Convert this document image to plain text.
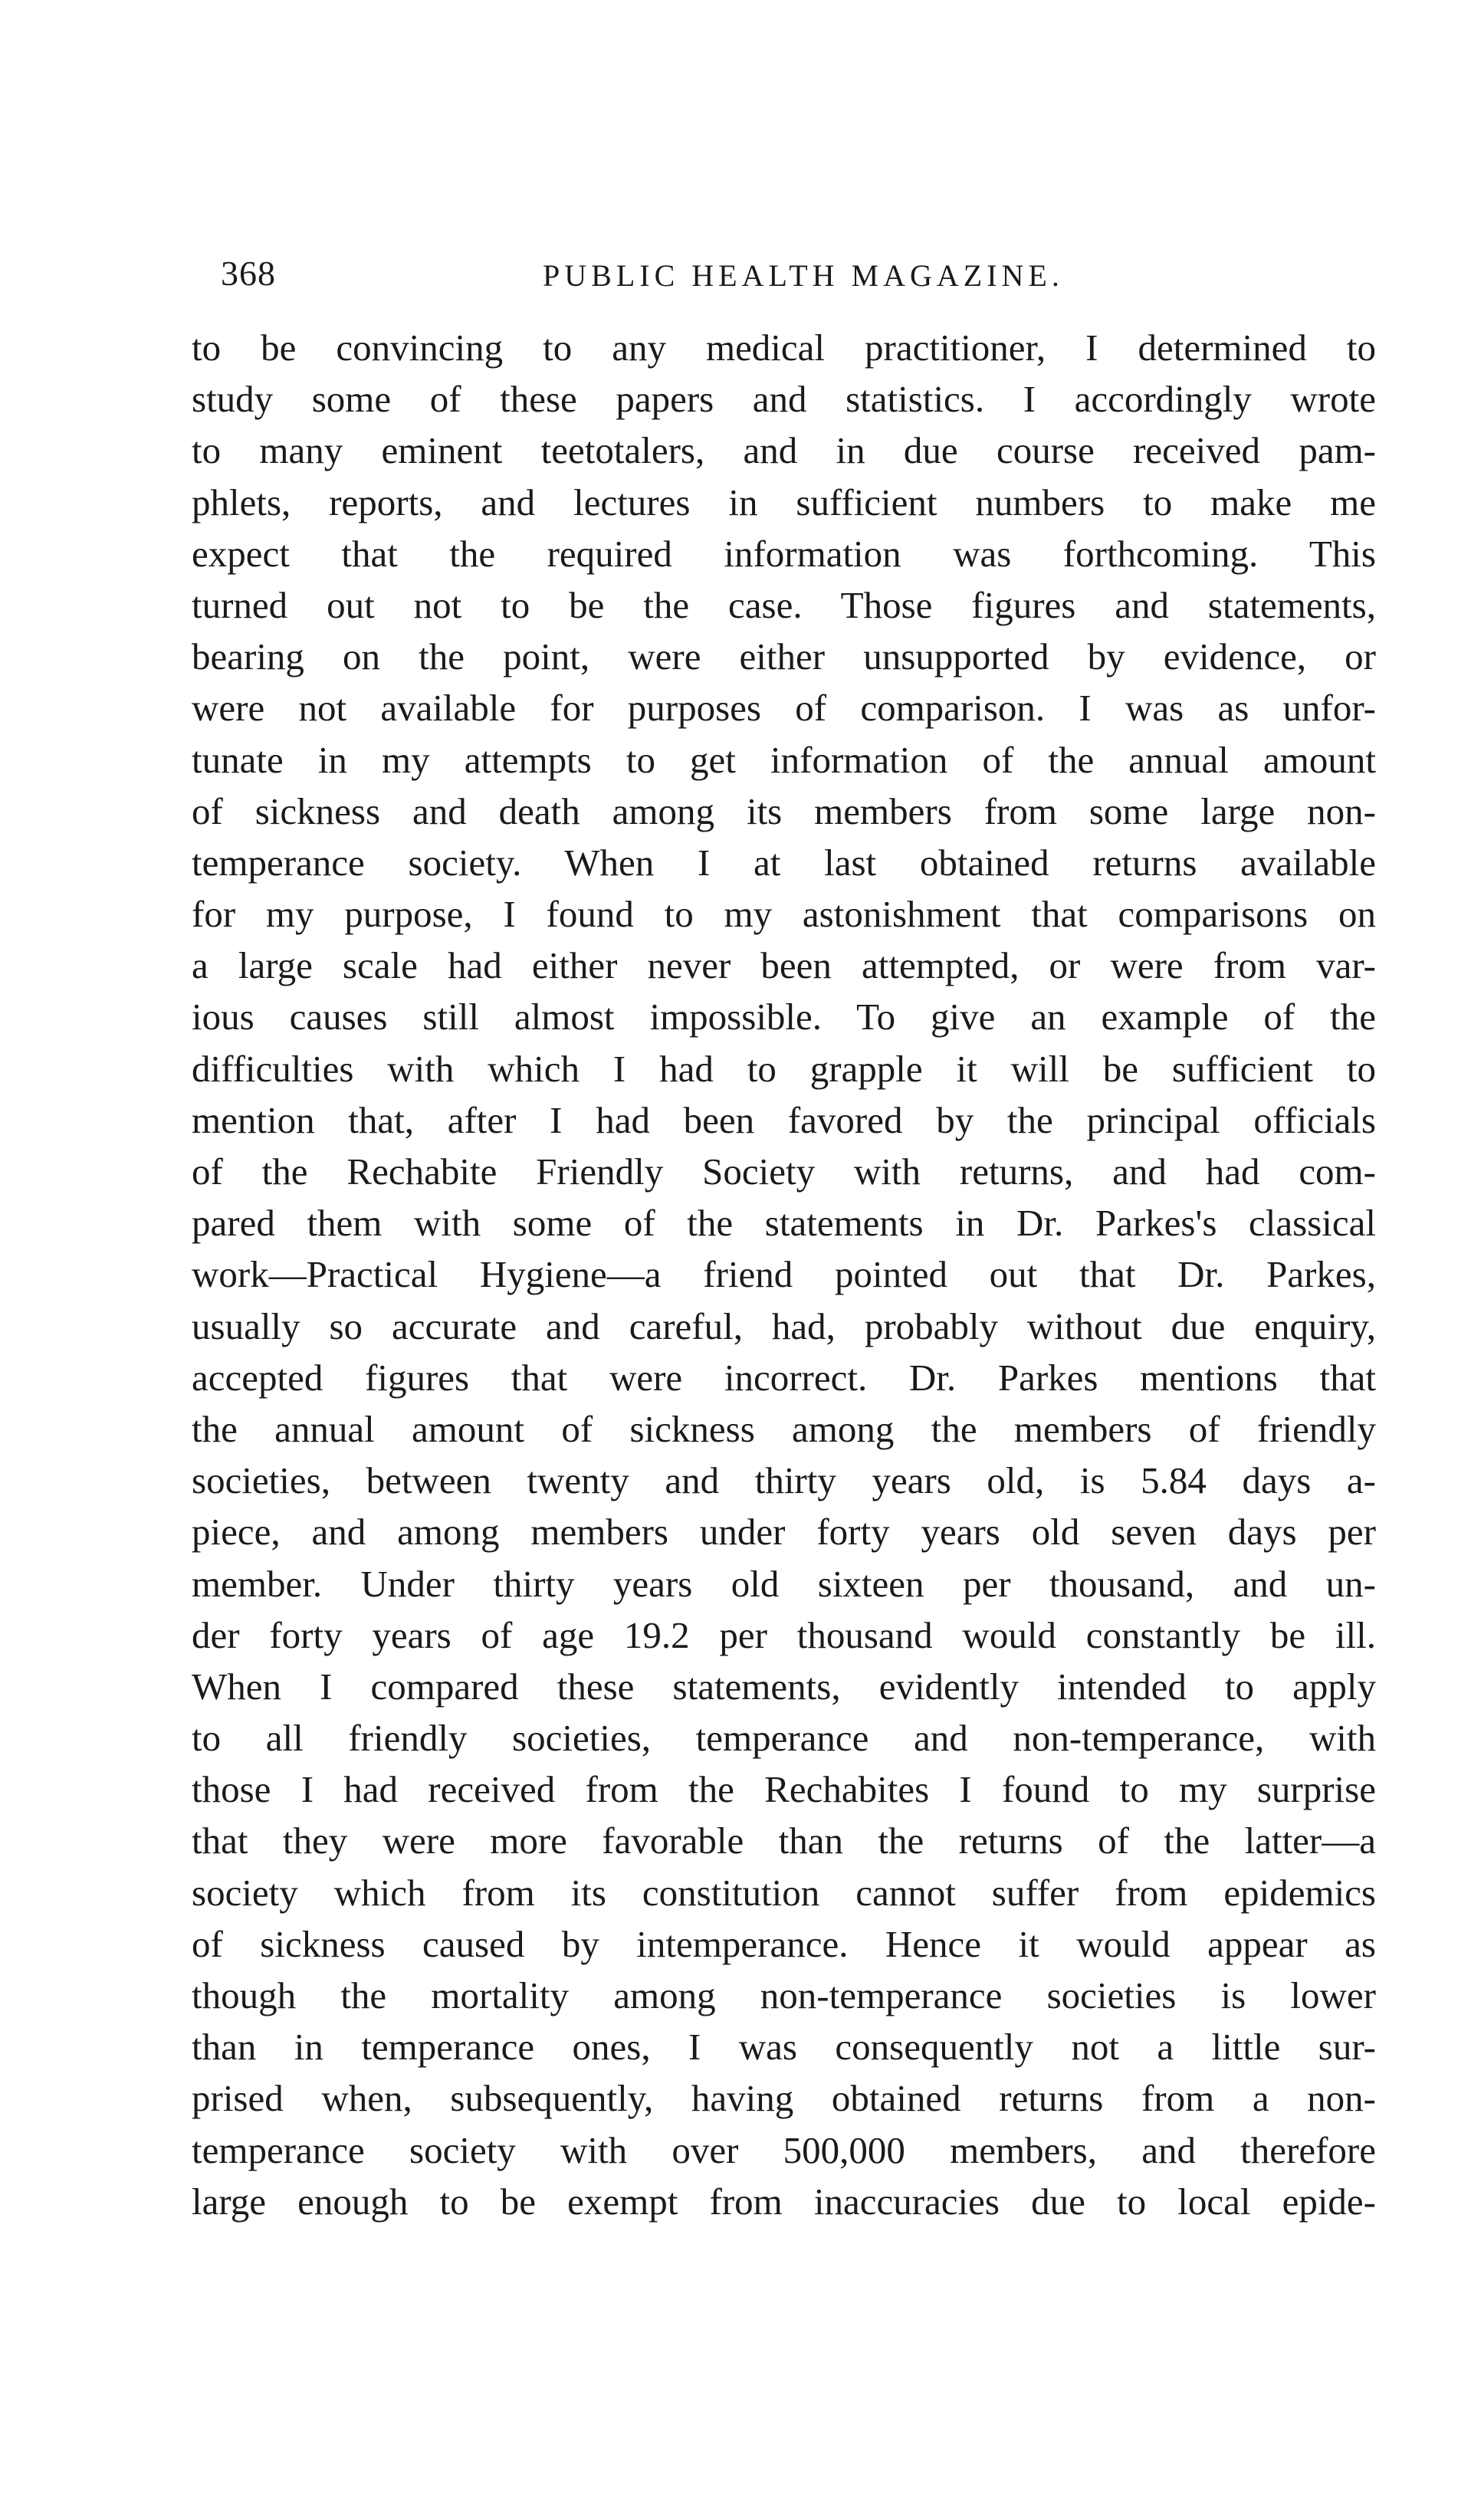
368	PUBLIC HEALTH MAGAZINE.
to be convincing to any medical practitioner, I determined to
study some of these papers and statistics. I accordingly wrote
to many eminent teetotalers, and in due course received pam-
phlets, reports, and lectures in sufficient numbers to make me
expect that the required information was forthcoming. This
turned out not to be the case. Those figures and statements,
bearing on the point, were either unsupported by evidence, or
were not available for purposes of comparison. I was as unfor-
tunate in my attempts to get information of the annual amount
of sickness and death among its members from some large non-
temperance society. When I at last obtained returns available
for my purpose, I found to my astonishment that comparisons on
a large scale had either never been attempted, or were from var-
ious causes still almost impossible. To give an example of the
difficulties with which I had to grapple it will be sufficient to
mention that, after I had been favored by the principal officials
of the Rechabite Friendly Society with returns, and had com-
pared them with some of the statements in Dr. Parkes's classical
work—Practical Hygiene—a friend pointed out that Dr. Parkes,
usually so accurate and careful, had, probably without due enquiry,
accepted figures that were incorrect. Dr. Parkes mentions that
the annual amount of sickness among the members of friendly
societies, between twenty and thirty years old, is 5.84 days a-
piece, and among members under forty years old seven days per
member. Under thirty years old sixteen per thousand, and un-
der forty years of age 19.2 per thousand would constantly be ill.
When I compared these statements, evidently intended to apply
to all friendly societies, temperance and non-temperance, with
those I had received from the Rechabites I found to my surprise
that they were more favorable than the returns of the latter—a
society which from its constitution cannot suffer from epidemics
of sickness caused by intemperance. Hence it would appear as
though the mortality among non-temperance societies is lower
than in temperance ones, I was consequently not a little sur-
prised when, subsequently, having obtained returns from a non-
temperance society with over 500,000 members, and therefore
large enough to be exempt from inaccuracies due to local epide-
